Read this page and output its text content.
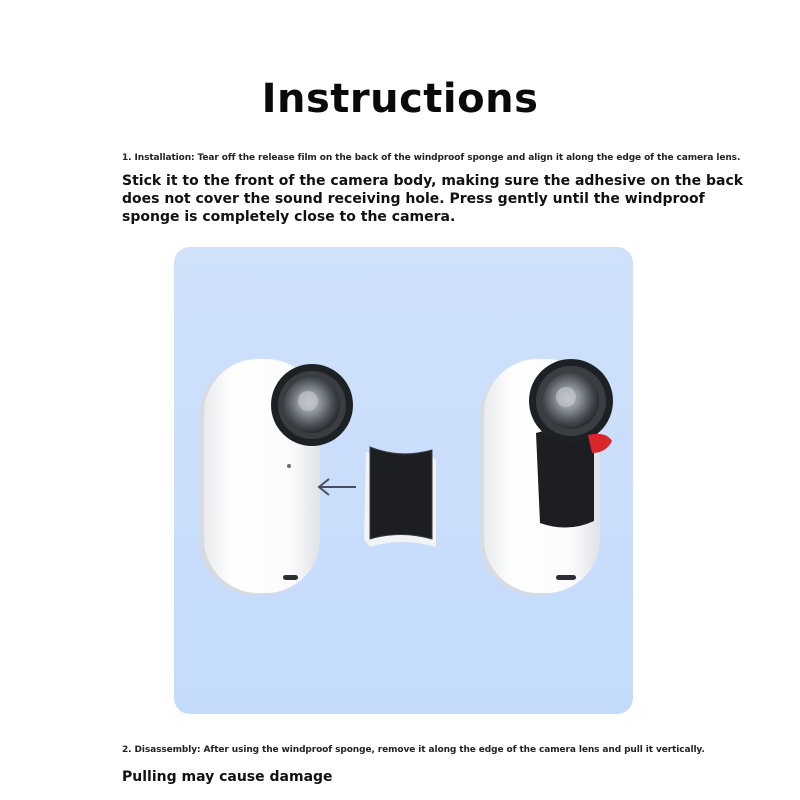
Instructions
1. Installation: Tear off the release film on the back of the windproof sponge and align it along the edge of the camera lens.
Stick it to the front of the camera body, making sure the adhesive on the back does not cover the sound receiving hole. Press gently until the windproof sponge is completely close to the camera.
2. Disassembly: After using the windproof sponge, remove it along the edge of the camera lens and pull it vertically.
Pulling may cause damage
